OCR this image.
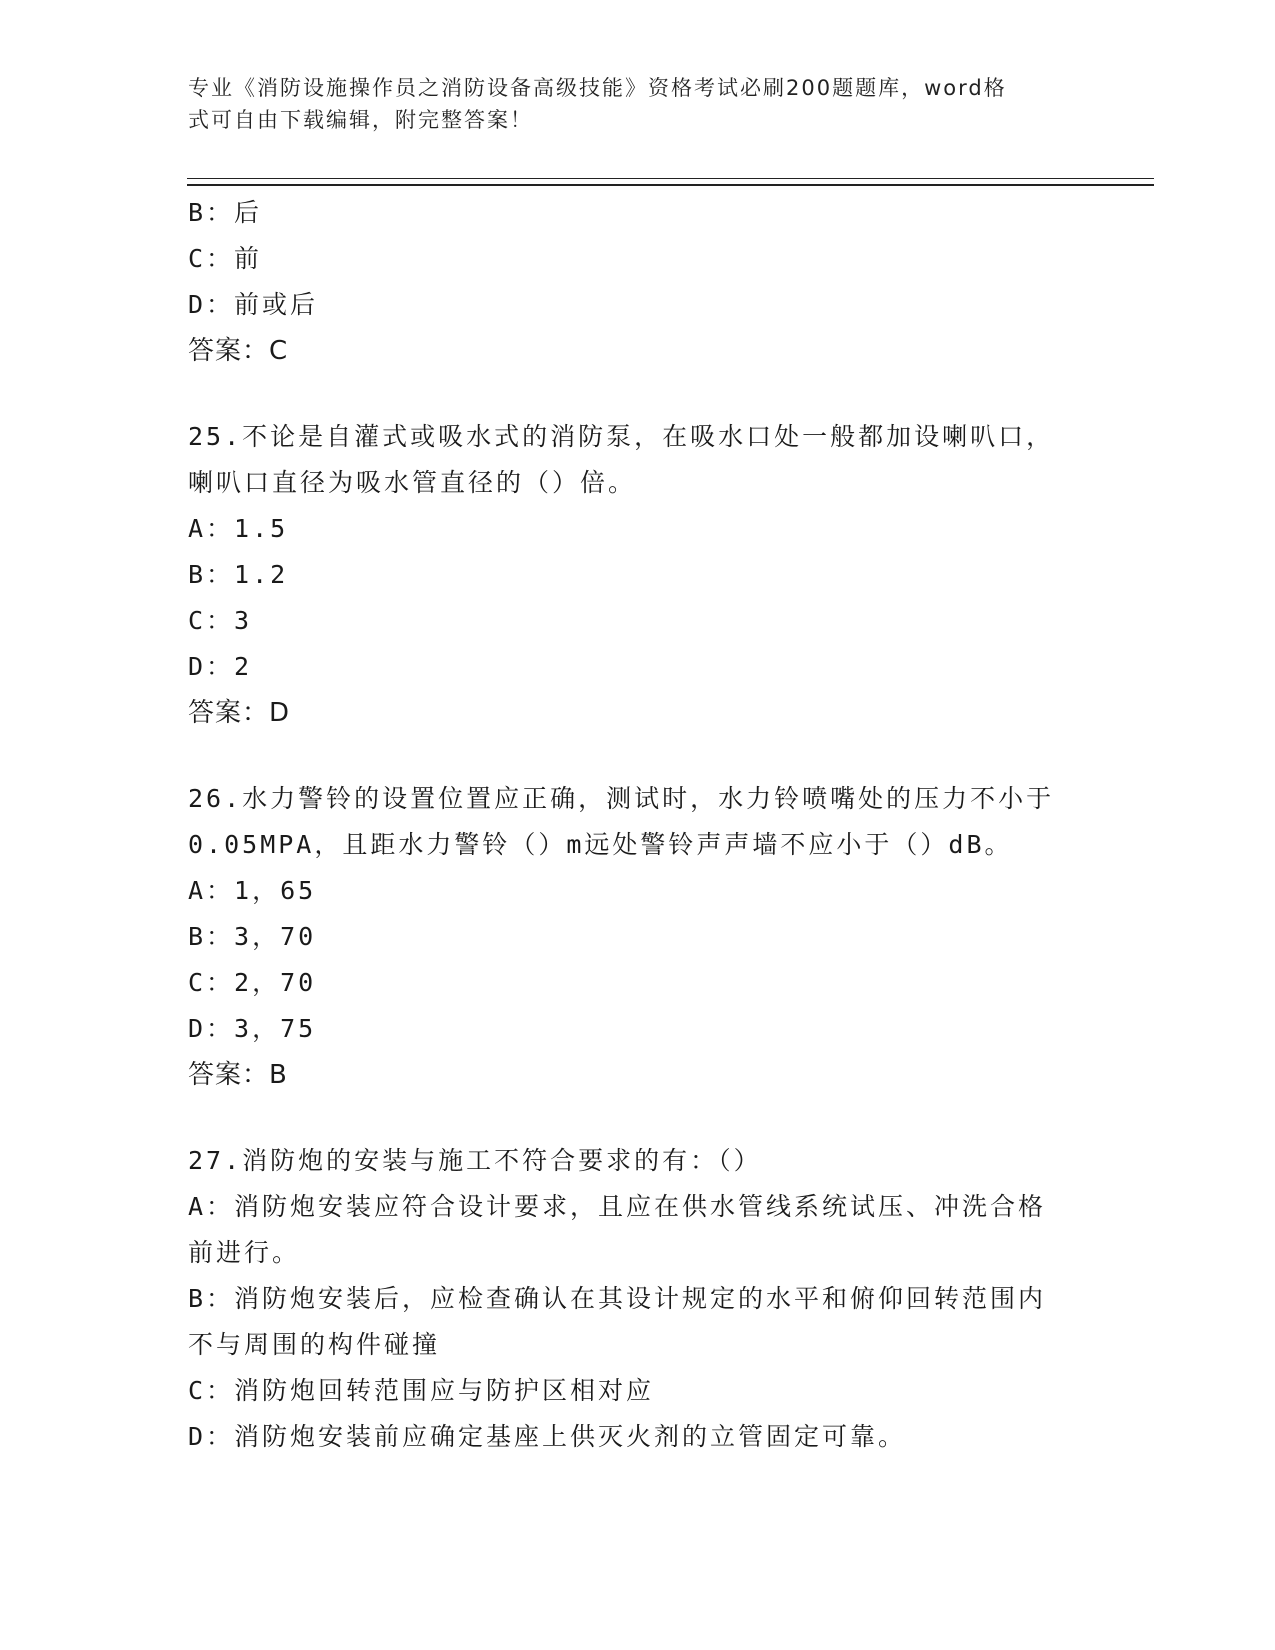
专业《消防设施操作员之消防设备高级技能》资格考试必刷200题题库，word格
式可自由下载编辑，附完整答案！
B：后
C：前
D：前或后
答案：C
25.不论是自灌式或吸水式的消防泵，在吸水口处一般都加设喇叭口，
喇叭口直径为吸水管直径的（）倍。
A：1.5
B：1.2
C：3
D：2
答案：D
26.水力警铃的设置位置应正确，测试时，水力铃喷嘴处的压力不小于
0.05MPA，且距水力警铃（）m远处警铃声声墙不应小于（）dB。
A：1，65
B：3，70
C：2，70
D：3，75
答案：B
27.消防炮的安装与施工不符合要求的有：（）
A：消防炮安装应符合设计要求，且应在供水管线系统试压、冲洗合格
前进行。
B：消防炮安装后，应检查确认在其设计规定的水平和俯仰回转范围内
不与周围的构件碰撞
C：消防炮回转范围应与防护区相对应
D：消防炮安装前应确定基座上供灭火剂的立管固定可靠。
